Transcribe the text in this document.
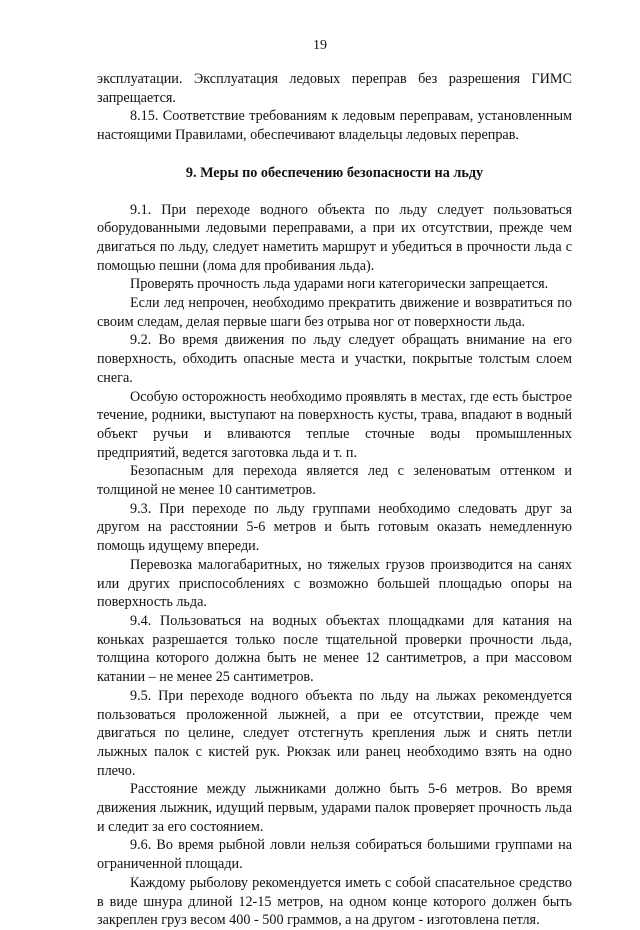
19

эксплуатации. Эксплуатация ледовых переправ без разрешения ГИМС запрещается.

8.15. Соответствие требованиям к ледовым переправам, установленным настоящими Правилами, обеспечивают владельцы ледовых переправ.

9. Меры по обеспечению безопасности на льду

9.1. При переходе водного объекта по льду следует пользоваться оборудованными ледовыми переправами, а при их отсутствии, прежде чем двигаться по льду, следует наметить маршрут и убедиться в прочности льда с помощью пешни (лома для пробивания льда).

Проверять прочность льда ударами ноги категорически запрещается.

Если лед непрочен, необходимо прекратить движение и возвратиться по своим следам, делая первые шаги без отрыва ног от поверхности льда.

9.2. Во время движения по льду следует обращать внимание на его поверхность, обходить опасные места и участки, покрытые толстым слоем снега.

Особую осторожность необходимо проявлять в местах, где есть быстрое течение, родники, выступают на поверхность кусты, трава, впадают в водный объект ручьи и вливаются теплые сточные воды промышленных предприятий, ведется заготовка льда и т. п.

Безопасным для перехода является лед с зеленоватым оттенком и толщиной не менее 10 сантиметров.

9.3. При переходе по льду группами необходимо следовать друг за другом на расстоянии 5-6 метров и быть готовым оказать немедленную помощь идущему впереди.

Перевозка малогабаритных, но тяжелых грузов производится на санях или других приспособлениях с возможно большей площадью опоры на поверхность льда.

9.4. Пользоваться на водных объектах площадками для катания на коньках разрешается только после тщательной проверки прочности льда, толщина которого должна быть не менее 12 сантиметров, а при массовом катании – не менее 25 сантиметров.

9.5. При переходе водного объекта по льду на лыжах рекомендуется пользоваться проложенной лыжней, а при ее отсутствии, прежде чем двигаться по целине, следует отстегнуть крепления лыж и снять петли лыжных палок с кистей рук. Рюкзак или ранец необходимо взять на одно плечо.

Расстояние между лыжниками должно быть 5-6 метров. Во время движения лыжник, идущий первым, ударами палок проверяет прочность льда и следит за его состоянием.

9.6. Во время рыбной ловли нельзя собираться большими группами на ограниченной площади.

Каждому рыболову рекомендуется иметь с собой спасательное средство в виде шнура длиной 12-15 метров, на одном конце которого должен быть закреплен груз весом 400 - 500 граммов, а на другом - изготовлена петля.
